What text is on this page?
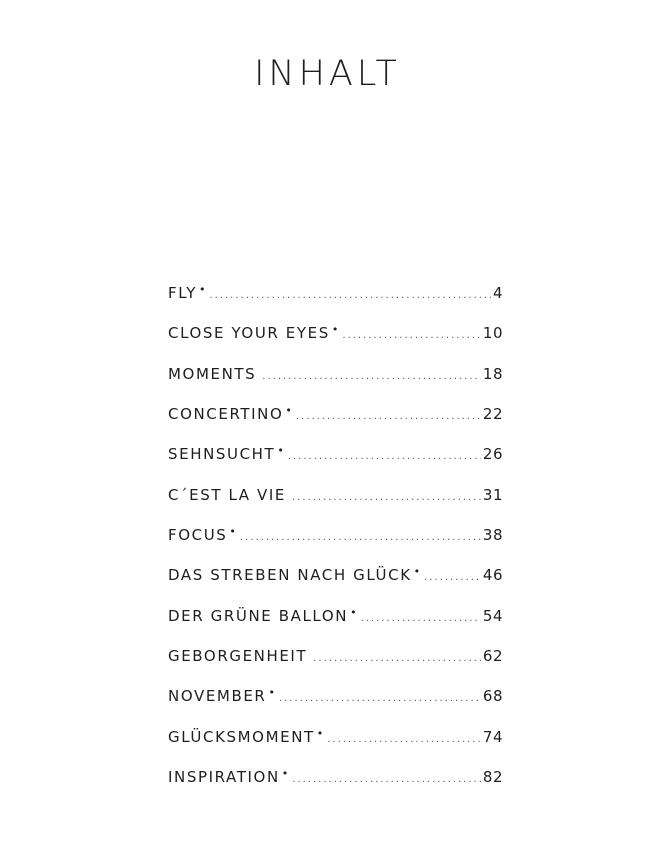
INHALT
FLY • .....	4
CLOSE YOUR EYES • .....	10
MOMENTS .....	18
CONCERTINO • .....	22
SEHNSUCHT • .....	26
C´EST LA VIE .....	31
FOCUS • .....	38
DAS STREBEN NACH GLÜCK • .....	46
DER GRÜNE BALLON • .....	54
GEBORGENHEIT .....	62
NOVEMBER • .....	68
GLÜCKSMOMENT • .....	74
INSPIRATION • .....	82
